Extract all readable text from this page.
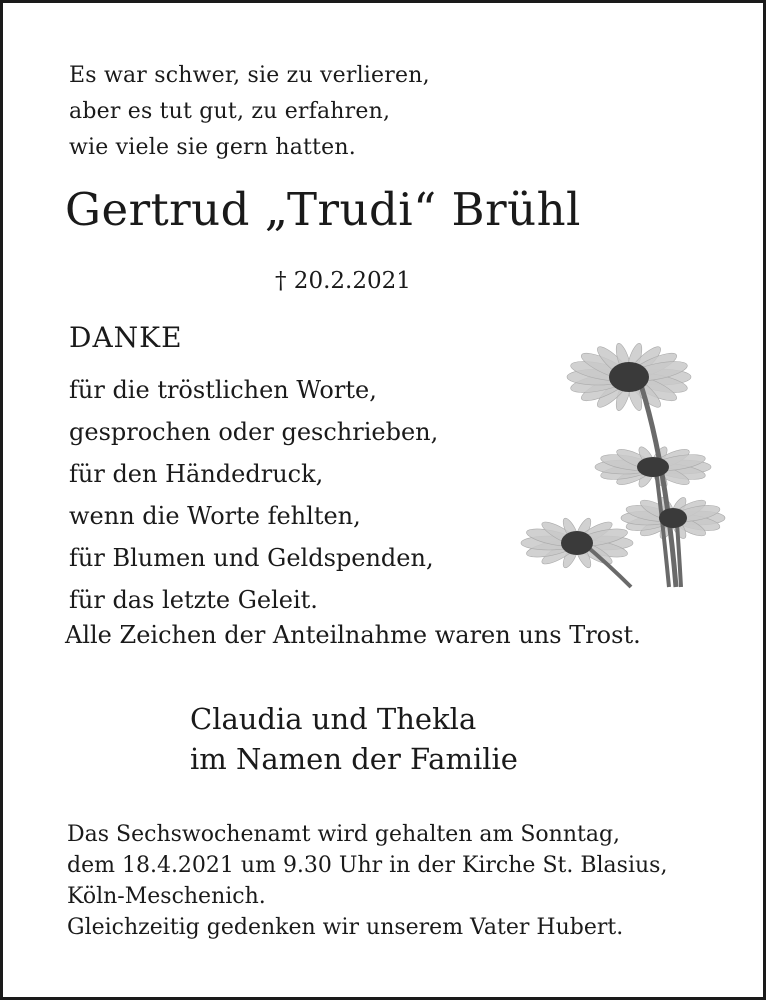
Es war schwer, sie zu verlieren,
aber es tut gut, zu erfahren,
wie viele sie gern hatten.
Gertrud „Trudi“ Brühl
† 20.2.2021
DANKE
für die tröstlichen Worte,
gesprochen oder geschrieben,
für den Händedruck,
wenn die Worte fehlten,
für Blumen und Geldspenden,
für das letzte Geleit.
Alle Zeichen der Anteilnahme waren uns Trost.
Claudia und Thekla
im Namen der Familie
Das Sechswochenamt wird gehalten am Sonntag,
dem 18.4.2021 um 9.30 Uhr in der Kirche St. Blasius,
Köln-Meschenich.
Gleichzeitig gedenken wir unserem Vater Hubert.
